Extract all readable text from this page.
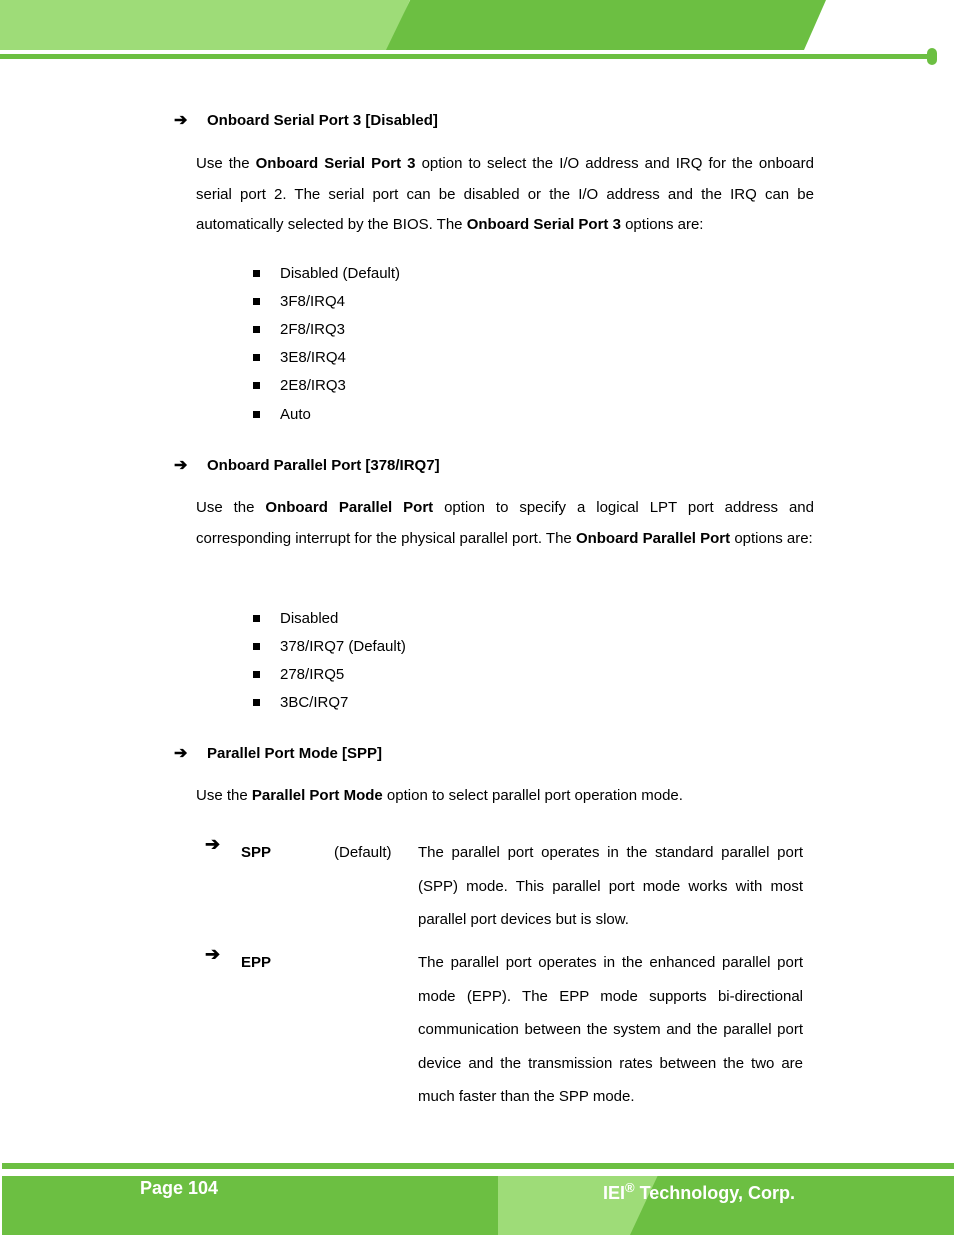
➔ Onboard Serial Port 3 [Disabled]

Use the Onboard Serial Port 3 option to select the I/O address and IRQ for the onboard serial port 2. The serial port can be disabled or the I/O address and the IRQ can be automatically selected by the BIOS. The Onboard Serial Port 3 options are:

Disabled (Default)
3F8/IRQ4
2F8/IRQ3
3E8/IRQ4
2E8/IRQ3
Auto
➔ Onboard Parallel Port [378/IRQ7]

Use the Onboard Parallel Port option to specify a logical LPT port address and corresponding interrupt for the physical parallel port. The Onboard Parallel Port options are:

Disabled
378/IRQ7 (Default)
278/IRQ5
3BC/IRQ7
➔ Parallel Port Mode [SPP]

Use the Parallel Port Mode option to select parallel port operation mode.

➔ SPP	(Default) The parallel port operates in the standard parallel port (SPP) mode. This parallel port mode works with most parallel port devices but is slow.

➔ EPP	The parallel port operates in the enhanced parallel port mode (EPP). The EPP mode supports bi-directional communication between the system and the parallel port device and the transmission rates between the two are much faster than the SPP mode.

Page 104	IEI® Technology, Corp.
